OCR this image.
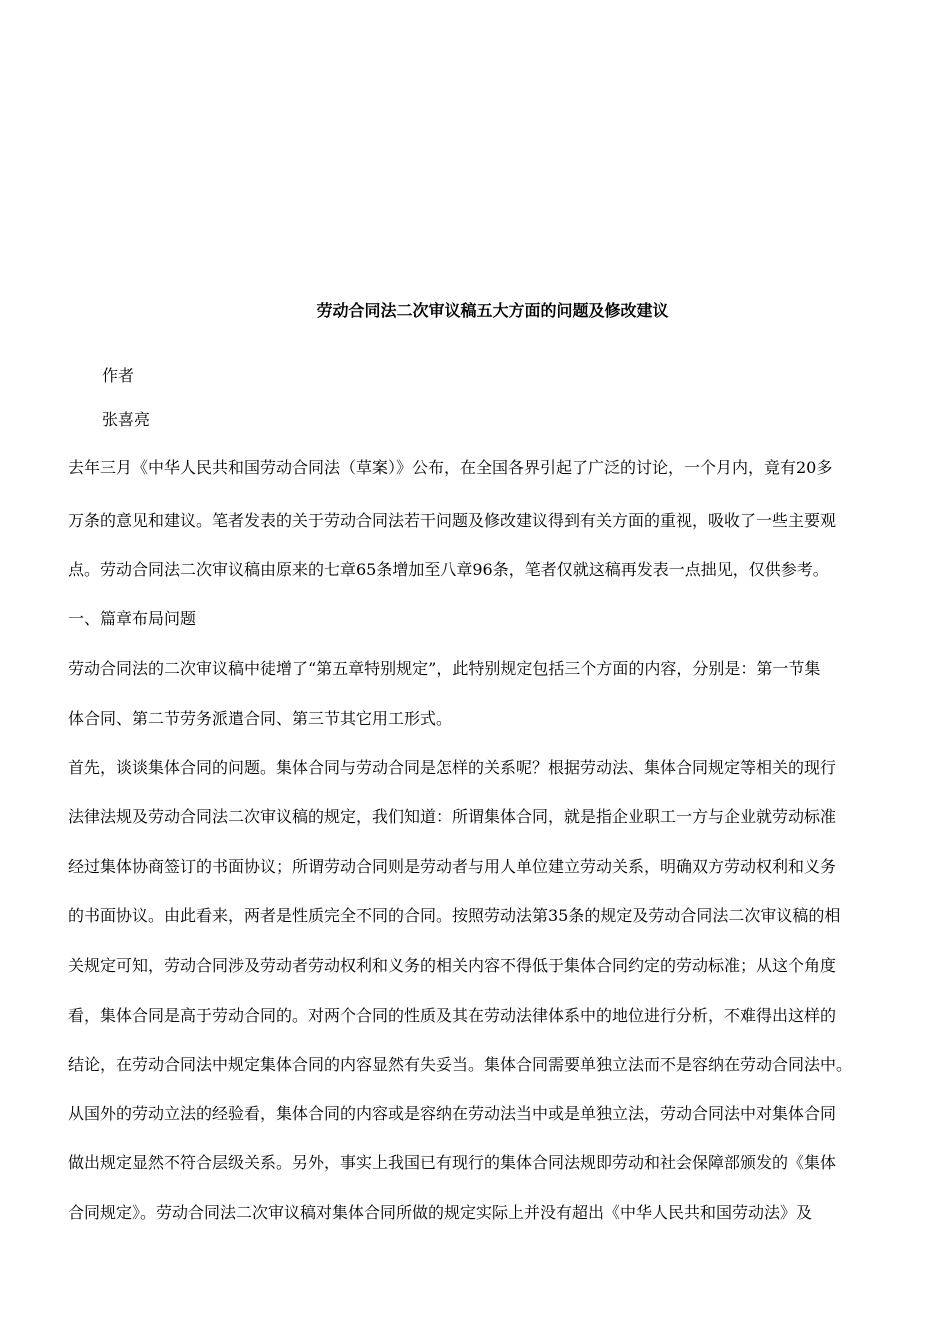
劳动合同法二次审议稿五大方面的问题及修改建议
作者
张喜亮
去年三月《中华人民共和国劳动合同法（草案）》公布，在全国各界引起了广泛的讨论，一个月内，竟有20多
万条的意见和建议。笔者发表的关于劳动合同法若干问题及修改建议得到有关方面的重视，吸收了一些主要观
点。劳动合同法二次审议稿由原来的七章65条增加至八章96条，笔者仅就这稿再发表一点拙见，仅供参考。
一、篇章布局问题
劳动合同法的二次审议稿中徒增了“第五章特别规定”，此特别规定包括三个方面的内容，分别是：第一节集
体合同、第二节劳务派遣合同、第三节其它用工形式。
首先，谈谈集体合同的问题。集体合同与劳动合同是怎样的关系呢？根据劳动法、集体合同规定等相关的现行
法律法规及劳动合同法二次审议稿的规定，我们知道：所谓集体合同，就是指企业职工一方与企业就劳动标准
经过集体协商签订的书面协议；所谓劳动合同则是劳动者与用人单位建立劳动关系，明确双方劳动权利和义务
的书面协议。由此看来，两者是性质完全不同的合同。按照劳动法第35条的规定及劳动合同法二次审议稿的相
关规定可知，劳动合同涉及劳动者劳动权利和义务的相关内容不得低于集体合同约定的劳动标准；从这个角度
看，集体合同是高于劳动合同的。对两个合同的性质及其在劳动法律体系中的地位进行分析，不难得出这样的
结论，在劳动合同法中规定集体合同的内容显然有失妥当。集体合同需要单独立法而不是容纳在劳动合同法中。
从国外的劳动立法的经验看，集体合同的内容或是容纳在劳动法当中或是单独立法，劳动合同法中对集体合同
做出规定显然不符合层级关系。另外，事实上我国已有现行的集体合同法规即劳动和社会保障部颁发的《集体
合同规定》。劳动合同法二次审议稿对集体合同所做的规定实际上并没有超出《中华人民共和国劳动法》及
